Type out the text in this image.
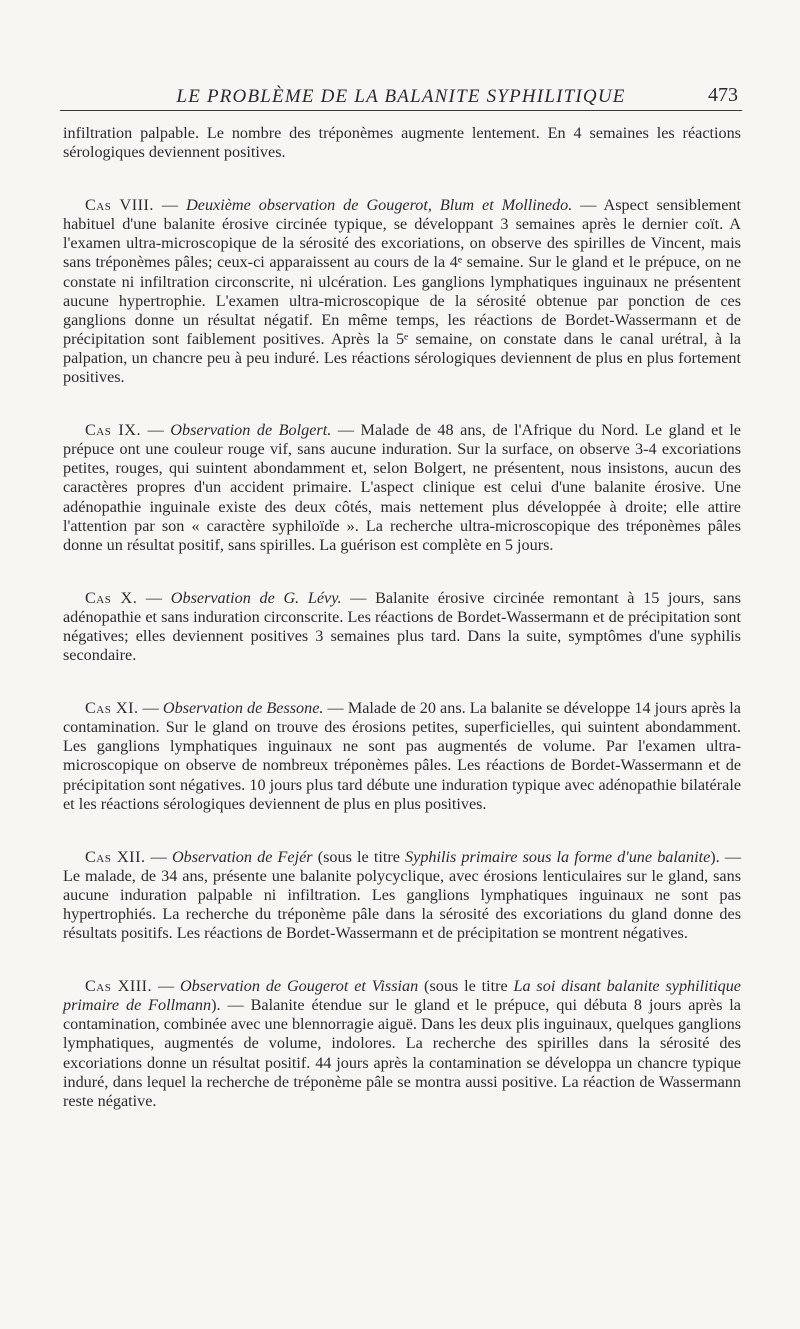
LE PROBLÈME DE LA BALANITE SYPHILITIQUE	473

infiltration palpable. Le nombre des tréponèmes augmente lentement. En 4 semaines les réactions sérologiques deviennent positives.

Cas VIII. — Deuxième observation de Gougerot, Blum et Mollinedo. — Aspect sensiblement habituel d'une balanite érosive circinée typique, se développant 3 semaines après le dernier coït. A l'examen ultra-microscopique de la sérosité des excoriations, on observe des spirilles de Vincent, mais sans tréponèmes pâles; ceux-ci apparaissent au cours de la 4ᵉ semaine. Sur le gland et le prépuce, on ne constate ni infiltration circonscrite, ni ulcération. Les ganglions lymphatiques inguinaux ne présentent aucune hypertrophie. L'examen ultra-microscopique de la sérosité obtenue par ponction de ces ganglions donne un résultat négatif. En même temps, les réactions de Bordet-Wassermann et de précipitation sont faiblement positives. Après la 5ᵉ semaine, on constate dans le canal urétral, à la palpation, un chancre peu à peu induré. Les réactions sérologiques deviennent de plus en plus fortement positives.

Cas IX. — Observation de Bolgert. — Malade de 48 ans, de l'Afrique du Nord. Le gland et le prépuce ont une couleur rouge vif, sans aucune induration. Sur la surface, on observe 3-4 excoriations petites, rouges, qui suintent abondamment et, selon Bolgert, ne présentent, nous insistons, aucun des caractères propres d'un accident primaire. L'aspect clinique est celui d'une balanite érosive. Une adénopathie inguinale existe des deux côtés, mais nettement plus développée à droite; elle attire l'attention par son « caractère syphiloïde ». La recherche ultra-microscopique des tréponèmes pâles donne un résultat positif, sans spirilles. La guérison est complète en 5 jours.

Cas X. — Observation de G. Lévy. — Balanite érosive circinée remontant à 15 jours, sans adénopathie et sans induration circonscrite. Les réactions de Bordet-Wassermann et de précipitation sont négatives; elles deviennent positives 3 semaines plus tard. Dans la suite, symptômes d'une syphilis secondaire.

Cas XI. — Observation de Bessone. — Malade de 20 ans. La balanite se développe 14 jours après la contamination. Sur le gland on trouve des érosions petites, superficielles, qui suintent abondamment. Les ganglions lymphatiques inguinaux ne sont pas augmentés de volume. Par l'examen ultra-microscopique on observe de nombreux tréponèmes pâles. Les réactions de Bordet-Wassermann et de précipitation sont négatives. 10 jours plus tard débute une induration typique avec adénopathie bilatérale et les réactions sérologiques deviennent de plus en plus positives.

Cas XII. — Observation de Fejér (sous le titre Syphilis primaire sous la forme d'une balanite). — Le malade, de 34 ans, présente une balanite polycyclique, avec érosions lenticulaires sur le gland, sans aucune induration palpable ni infiltration. Les ganglions lymphatiques inguinaux ne sont pas hypertrophiés. La recherche du tréponème pâle dans la sérosité des excoriations du gland donne des résultats positifs. Les réactions de Bordet-Wassermann et de précipitation se montrent négatives.

Cas XIII. — Observation de Gougerot et Vissian (sous le titre La soi disant balanite syphilitique primaire de Follmann). — Balanite étendue sur le gland et le prépuce, qui débuta 8 jours après la contamination, combinée avec une blennorragie aiguë. Dans les deux plis inguinaux, quelques ganglions lymphatiques, augmentés de volume, indolores. La recherche des spirilles dans la sérosité des excoriations donne un résultat positif. 44 jours après la contamination se développa un chancre typique induré, dans lequel la recherche de tréponème pâle se montra aussi positive. La réaction de Wassermann reste négative.
